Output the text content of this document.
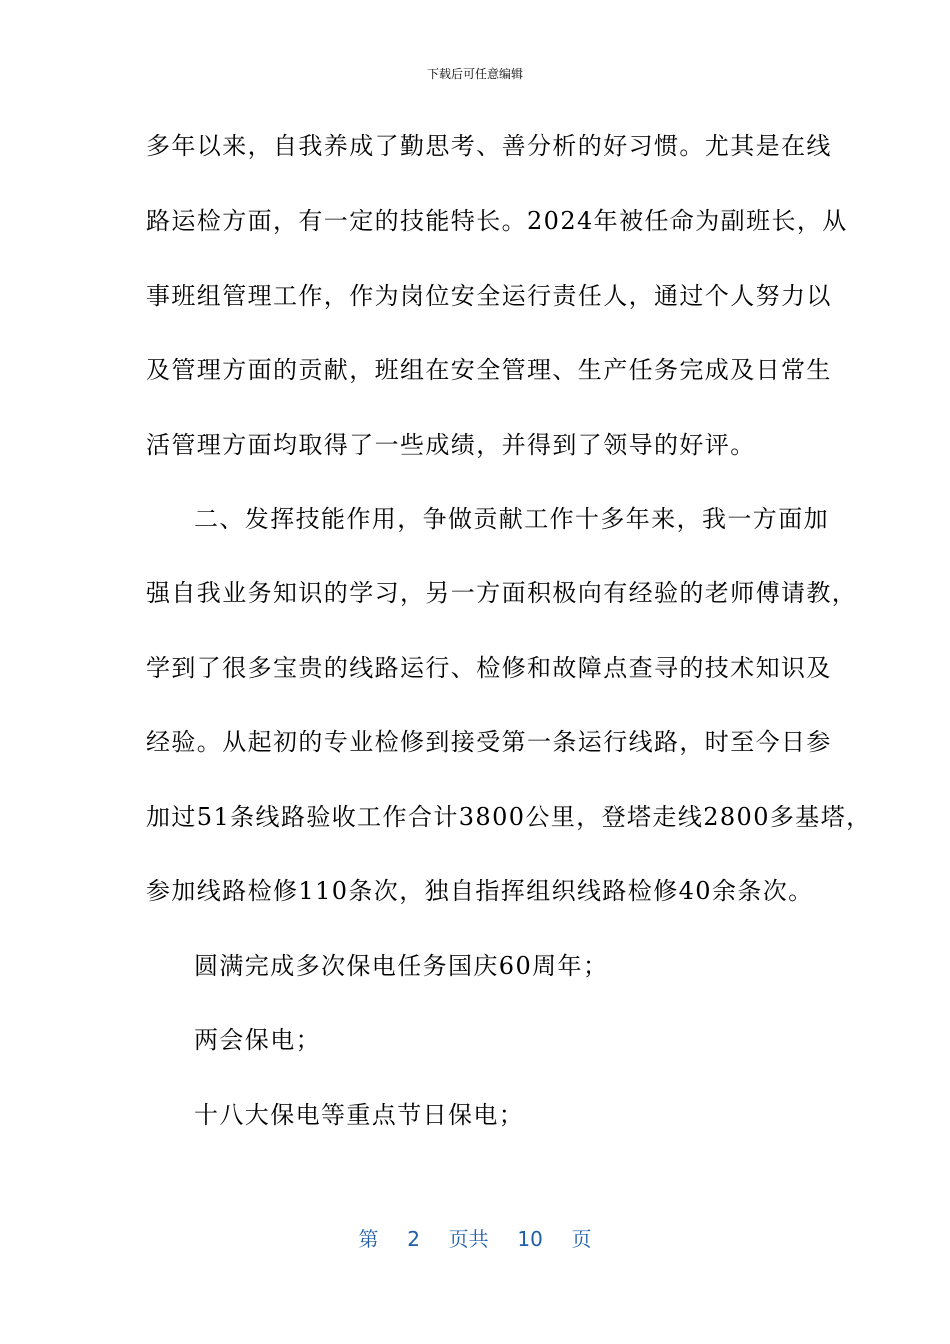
下载后可任意编辑
多年以来，自我养成了勤思考、善分析的好习惯。尤其是在线
路运检方面，有一定的技能特长。2024年被任命为副班长，从
事班组管理工作，作为岗位安全运行责任人，通过个人努力以
及管理方面的贡献，班组在安全管理、生产任务完成及日常生
活管理方面均取得了一些成绩，并得到了领导的好评。
二、发挥技能作用，争做贡献工作十多年来，我一方面加
强自我业务知识的学习，另一方面积极向有经验的老师傅请教，
学到了很多宝贵的线路运行、检修和故障点查寻的技术知识及
经验。从起初的专业检修到接受第一条运行线路，时至今日参
加过51条线路验收工作合计3800公里，登塔走线2800多基塔，
参加线路检修110条次，独自指挥组织线路检修40余条次。
圆满完成多次保电任务国庆60周年；
两会保电；
十八大保电等重点节日保电；
第 2 页共 10 页
